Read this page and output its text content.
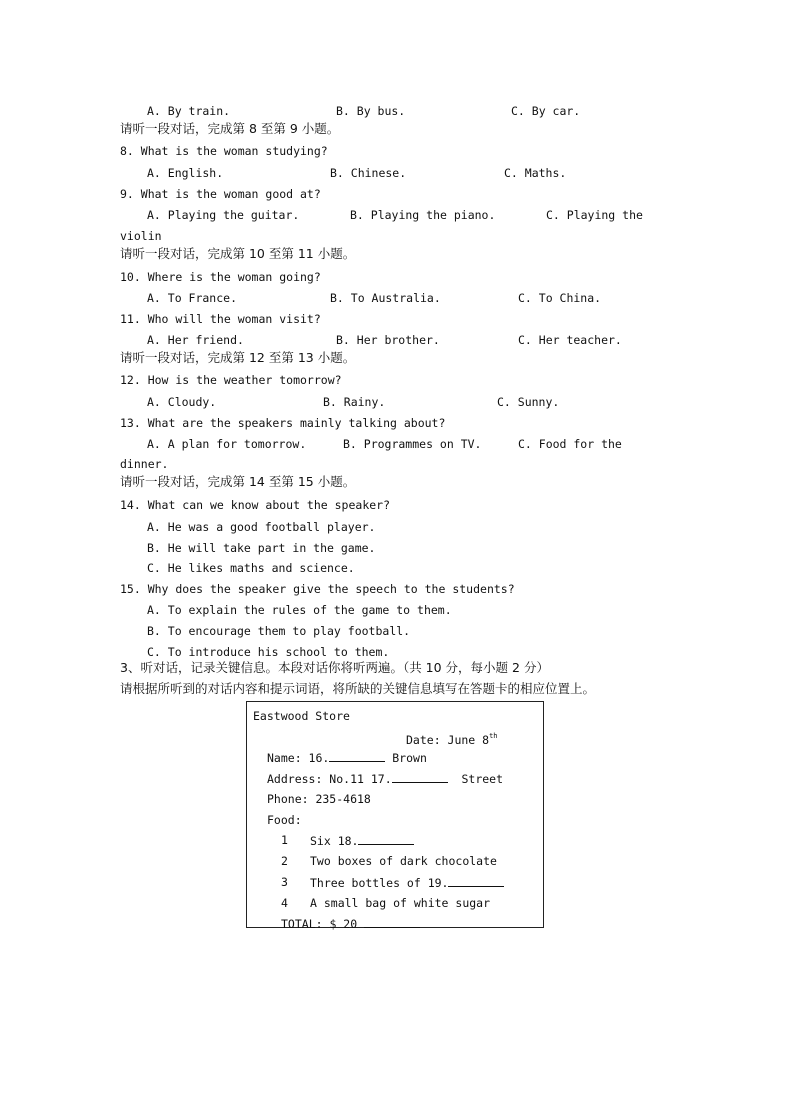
A. By train.	B. By bus.	C. By car.
请听一段对话，完成第 8 至第 9 小题。
8. What is the woman studying?
A. English.	B. Chinese.	C. Maths.
9. What is the woman good at?
A. Playing the guitar.	B. Playing the piano.	C. Playing the
violin
请听一段对话，完成第 10 至第 11 小题。
10. Where is the woman going?
A. To France.	B. To Australia.	C. To China.
11. Who will the woman visit?
A. Her friend.	B. Her brother.	C. Her teacher.
请听一段对话，完成第 12 至第 13 小题。
12. How is the weather tomorrow?
A. Cloudy.	B. Rainy.	C. Sunny.
13. What are the speakers mainly talking about?
A. A plan for tomorrow.	B. Programmes on TV.	C. Food for the
dinner.
请听一段对话，完成第 14 至第 15 小题。
14. What can we know about the speaker?
A. He was a good football player.
B. He will take part in the game.
C. He likes maths and science.
15. Why does the speaker give the speech to the students?
A. To explain the rules of the game to them.
B. To encourage them to play football.
C. To introduce his school to them.
3、听对话，记录关键信息。本段对话你将听两遍。（共 10 分，每小题 2 分）
请根据所听到的对话内容和提示词语，将所缺的关键信息填写在答题卡的相应位置上。
Eastwood Store
Date: June 8th
Name: 16.	Brown
Address: No.11 17.	Street
Phone: 235-4618
Food:
1 Six 18.
2 Two boxes of dark chocolate
3 Three bottles of 19.
4 A small bag of white sugar
TOTAL: $ 20
